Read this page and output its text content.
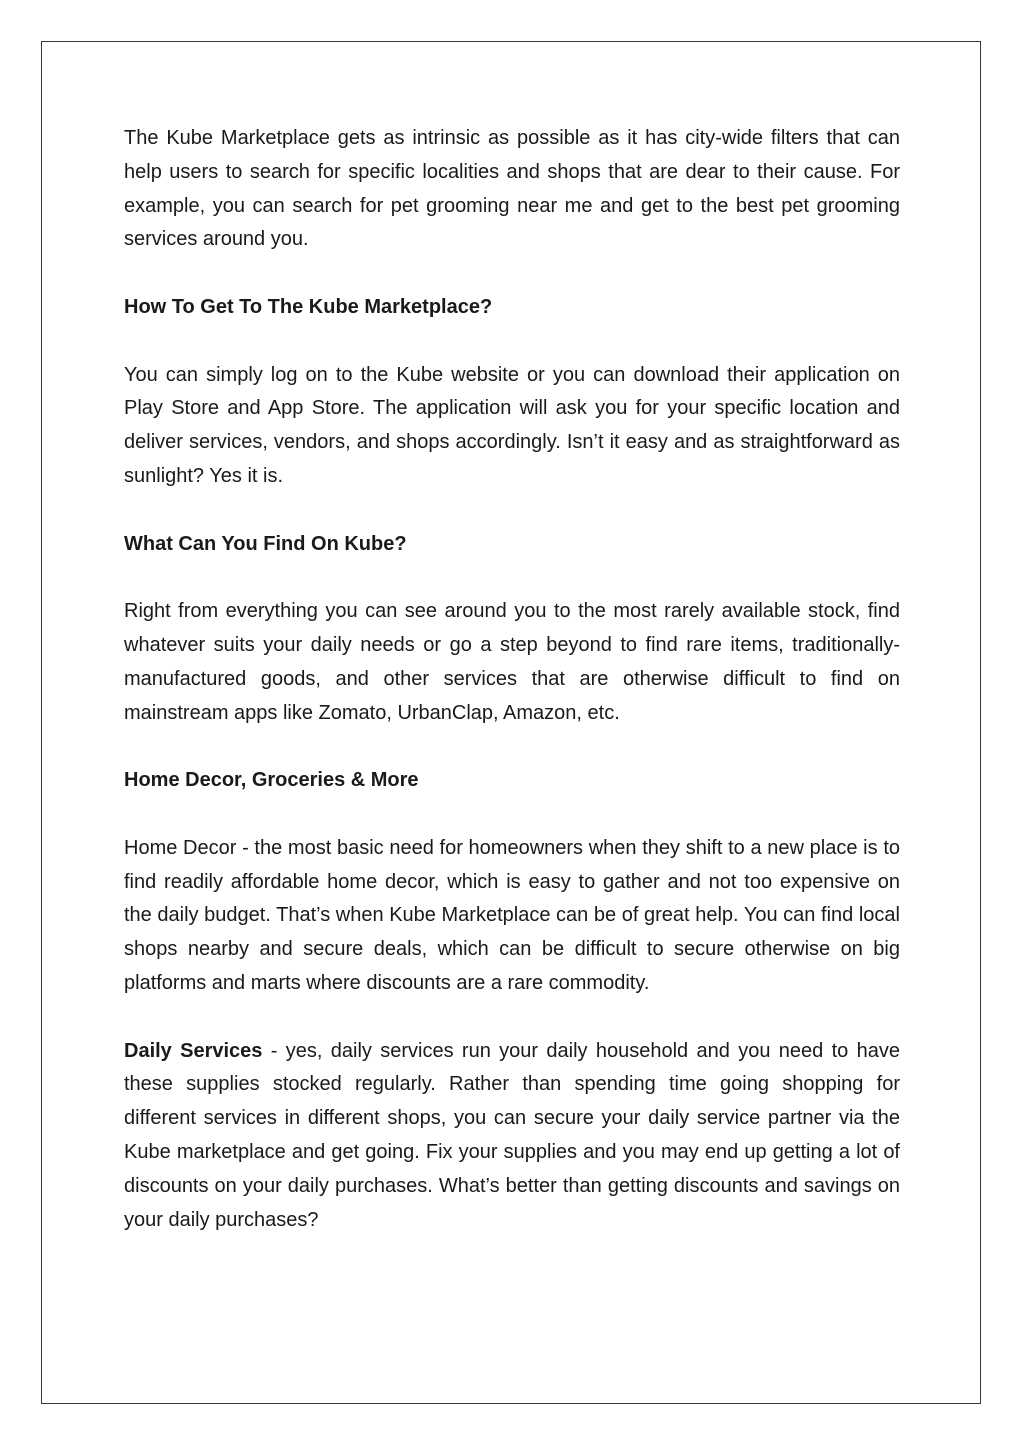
The Kube Marketplace gets as intrinsic as possible as it has city-wide filters that can help users to search for specific localities and shops that are dear to their cause. For example, you can search for pet grooming near me and get to the best pet grooming services around you.

How To Get To The Kube Marketplace?

You can simply log on to the Kube website or you can download their application on Play Store and App Store. The application will ask you for your specific location and deliver services, vendors, and shops accordingly. Isn’t it easy and as straightforward as sunlight? Yes it is.

What Can You Find On Kube?

Right from everything you can see around you to the most rarely available stock, find whatever suits your daily needs or go a step beyond to find rare items, traditionally-manufactured goods, and other services that are otherwise difficult to find on mainstream apps like Zomato, UrbanClap, Amazon, etc.

Home Decor, Groceries & More

Home Decor - the most basic need for homeowners when they shift to a new place is to find readily affordable home decor, which is easy to gather and not too expensive on the daily budget. That’s when Kube Marketplace can be of great help. You can find local shops nearby and secure deals, which can be difficult to secure otherwise on big platforms and marts where discounts are a rare commodity.

Daily Services - yes, daily services run your daily household and you need to have these supplies stocked regularly. Rather than spending time going shopping for different services in different shops, you can secure your daily service partner via the Kube marketplace and get going. Fix your supplies and you may end up getting a lot of discounts on your daily purchases. What’s better than getting discounts and savings on your daily purchases?
